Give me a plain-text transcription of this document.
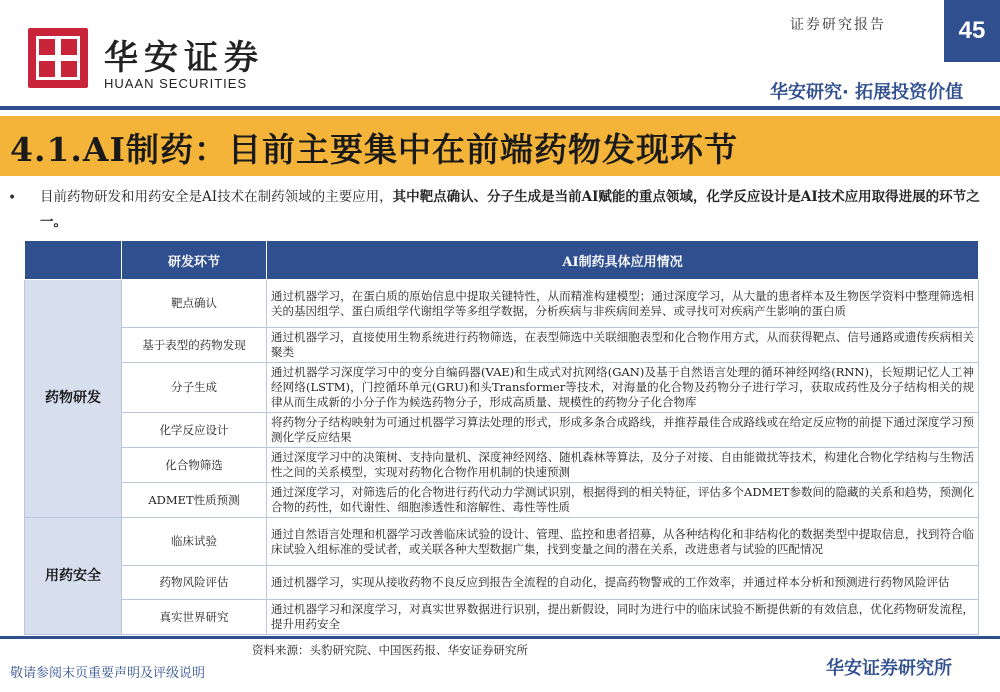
华安证券
HUAAN SECURITIES
证券研究报告	45
华安研究· 拓展投资价值
4.1.AI制药：目前主要集中在前端药物发现环节
• 目前药物研发和用药安全是AI技术在制药领域的主要应用，其中靶点确认、分子生成是当前AI赋能的重点领域，化学反应设计是AI技术应用取得进展的环节之一。
	研发环节	AI制药具体应用情况
药物研发	靶点确认	通过机器学习，在蛋白质的原始信息中提取关键特性，从而精准构建模型；通过深度学习，从大量的患者样本及生物医学资料中整理筛选相关的基因组学、蛋白质组学代谢组学等多组学数据，分析疾病与非疾病间差异、或寻找可对疾病产生影响的蛋白质
	基于表型的药物发现	通过机器学习，直接使用生物系统进行药物筛选，在表型筛选中关联细胞表型和化合物作用方式，从而获得靶点、信号通路或遗传疾病相关聚类
	分子生成	通过机器学习深度学习中的变分自编码器(VAE)和生成式对抗网络(GAN)及基于自然语言处理的循环神经网络(RNN)，长短期记忆人工神经网络(LSTM)，门控循环单元(GRU)和头Transformer等技术，对海量的化合物及药物分子进行学习，获取成药性及分子结构相关的规律从而生成新的小分子作为候选药物分子，形成高质量、规模性的药物分子化合物库
	化学反应设计	将药物分子结构映射为可通过机器学习算法处理的形式，形成多条合成路线，并推荐最佳合成路线或在给定反应物的前提下通过深度学习预测化学反应结果
	化合物筛选	通过深度学习中的决策树、支持向量机、深度神经网络、随机森林等算法，及分子对接、自由能微扰等技术，构建化合物化学结构与生物活性之间的关系模型，实现对药物化合物作用机制的快速预测
	ADMET性质预测	通过深度学习，对筛选后的化合物进行药代动力学测试识别，根据得到的相关特征，评估多个ADMET参数间的隐藏的关系和趋势，预测化合物的药性，如代谢性、细胞渗透性和溶解性、毒性等性质
用药安全	临床试验	通过自然语言处理和机器学习改善临床试验的设计、管理、监控和患者招募，从各种结构化和非结构化的数据类型中提取信息，找到符合临床试验入组标准的受试者，或关联各种大型数据广集，找到变量之间的潜在关系，改进患者与试验的匹配情况
	药物风险评估	通过机器学习，实现从接收药物不良反应到报告全流程的自动化，提高药物警戒的工作效率，并通过样本分析和预测进行药物风险评估
	真实世界研究	通过机器学习和深度学习，对真实世界数据进行识别，提出新假设，同时为进行中的临床试验不断提供新的有效信息，优化药物研发流程，提升用药安全
资料来源：头豹研究院、中国医药报、华安证券研究所
敬请参阅末页重要声明及评级说明	华安证券研究所
